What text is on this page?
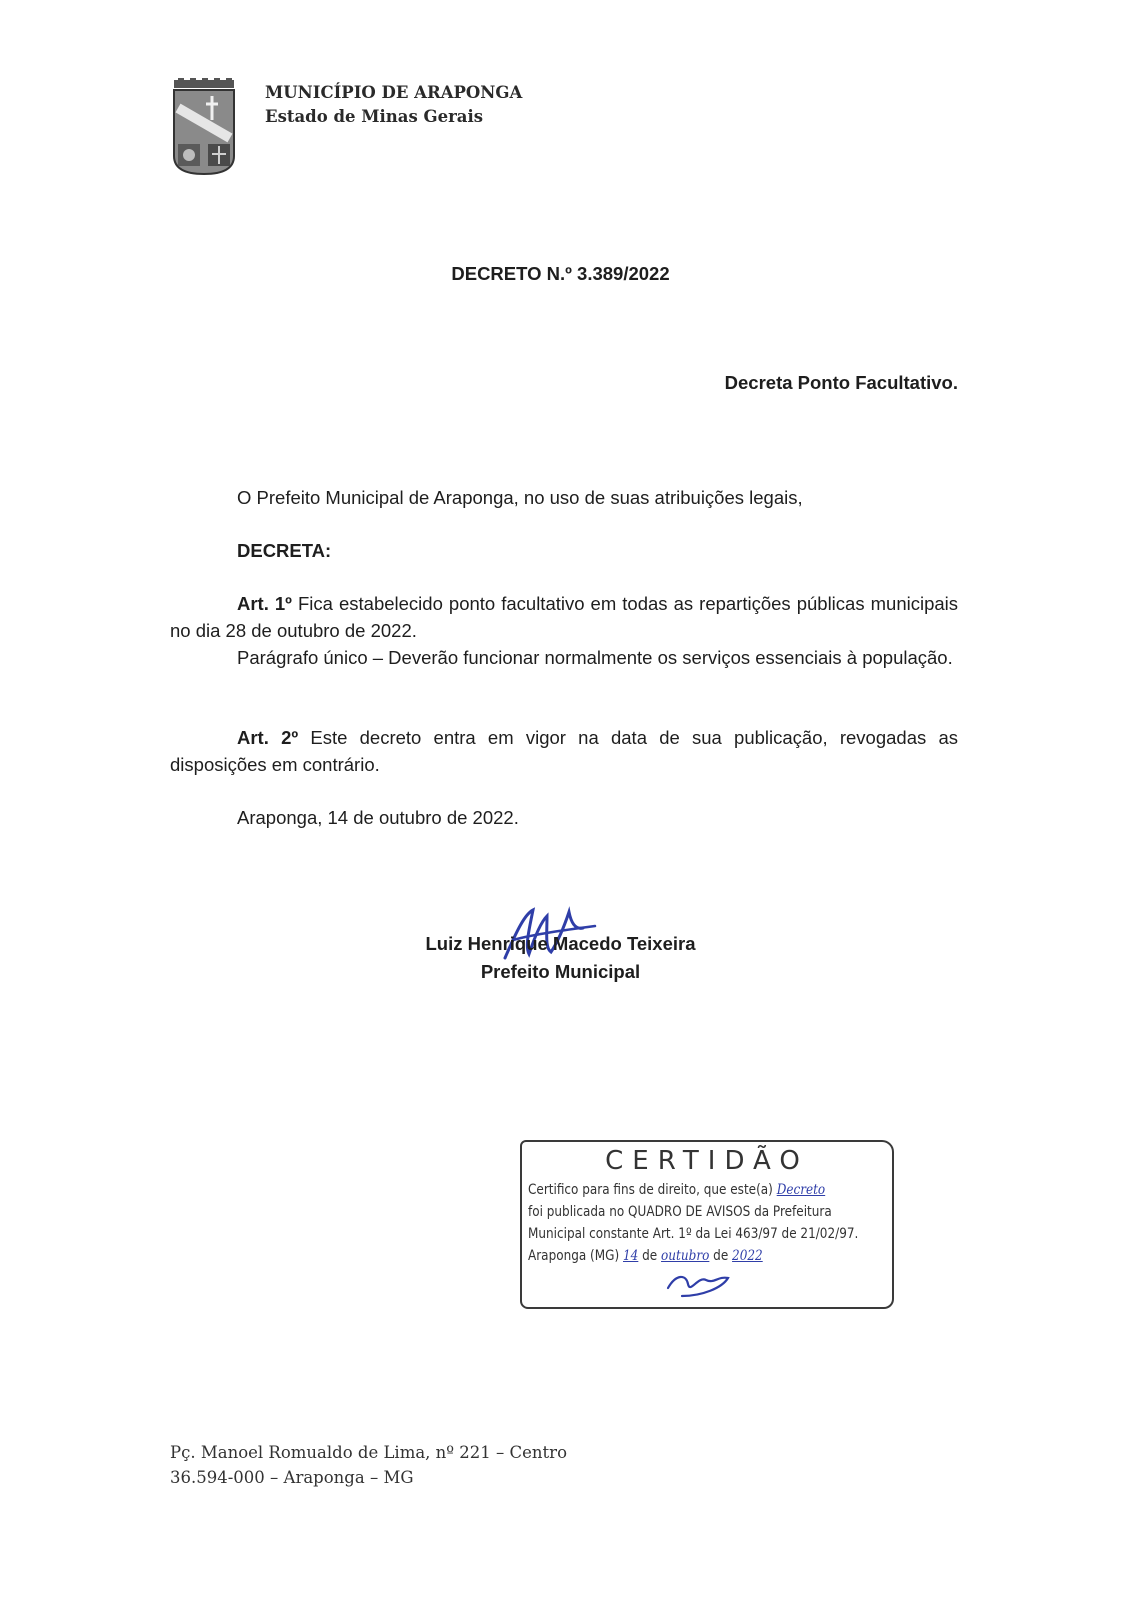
MUNICÍPIO DE ARAPONGA
Estado de Minas Gerais
DECRETO N.º 3.389/2022
Decreta Ponto Facultativo.
O Prefeito Municipal de Araponga, no uso de suas atribuições legais,
DECRETA:
Art. 1º Fica estabelecido ponto facultativo em todas as repartições públicas municipais no dia 28 de outubro de 2022.
Parágrafo único – Deverão funcionar normalmente os serviços essenciais à população.
Art. 2º Este decreto entra em vigor na data de sua publicação, revogadas as disposições em contrário.
Araponga, 14 de outubro de 2022.
Luiz Henrique Macedo Teixeira
Prefeito Municipal
CERTIDÃO
Certifico para fins de direito, que este(a) Decreto
foi publicada no QUADRO DE AVISOS da Prefeitura
Municipal constante Art. 1º da Lei 463/97 de 21/02/97.
Araponga (MG) 14 de outubro de 2022
Pç. Manoel Romualdo de Lima, nº 221 – Centro
36.594-000 – Araponga – MG
